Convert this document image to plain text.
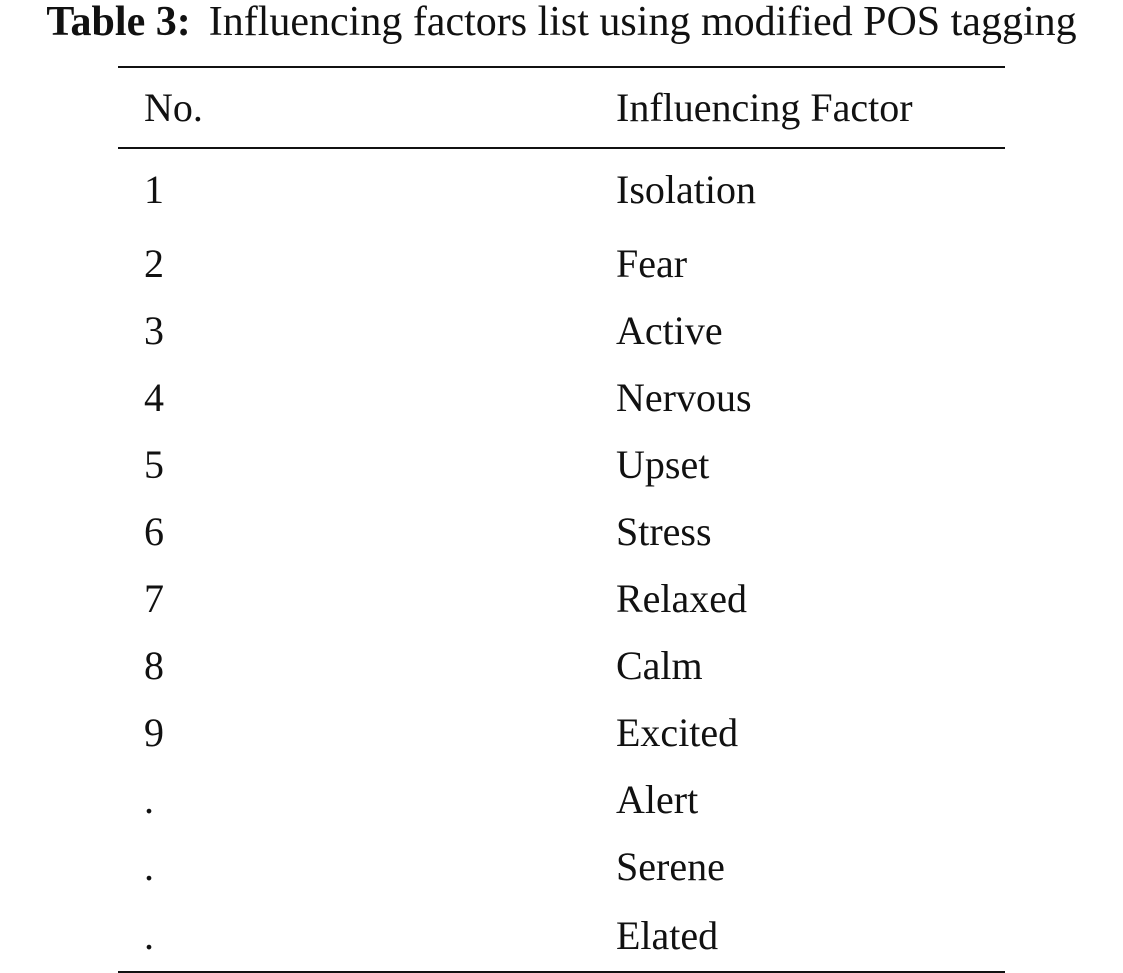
Table 3: Influencing factors list using modified POS tagging
No.	Influencing Factor
1	Isolation
2	Fear
3	Active
4	Nervous
5	Upset
6	Stress
7	Relaxed
8	Calm
9	Excited
.	Alert
.	Serene
.	Elated
